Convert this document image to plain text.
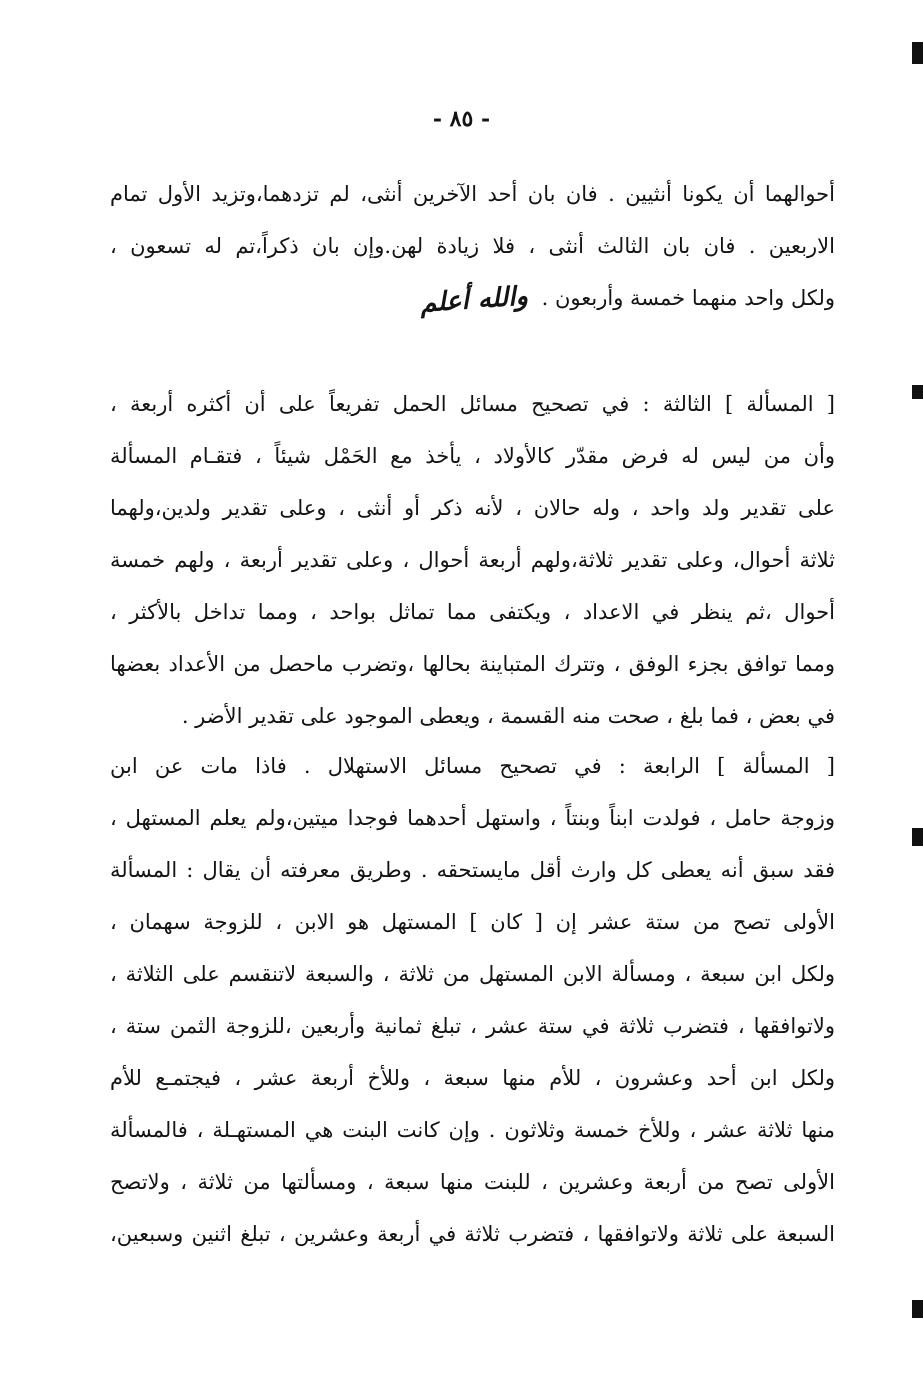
- ٨٥ -
أحوالهما أن يكونا أنثيين . فان بان أحد الآخرين أنثى، لم تزدهما،وتزيد الأول تمام
الاربعين . فان بان الثالث أنثى ، فلا زيادة لهن.وإن بان ذكراً،تم له تسعون ،
ولكل واحد منهما خمسة وأربعون .والله أعلم
[ المسألة ] الثالثة : في تصحيح مسائل الحمل تفريعاً على أن أكثره أربعة ،
وأن من ليس له فرض مقدّر كالأولاد ، يأخذ مع الحَمْل شيئاً ، فتقـام المسألة
على تقدير ولد واحد ، وله حالان ، لأنه ذكر أو أنثى ، وعلى تقدير ولدين،ولهما
ثلاثة أحوال، وعلى تقدير ثلاثة،ولهم أربعة أحوال ، وعلى تقدير أربعة ، ولهم خمسة
أحوال ،ثم ينظر في الاعداد ، ويكتفى مما تماثل بواحد ، ومما تداخل بالأكثر ،
ومما توافق بجزء الوفق ، وتترك المتباينة بحالها ،وتضرب ماحصل من الأعداد بعضها
في بعض ، فما بلغ ، صحت منه القسمة ، ويعطى الموجود على تقدير الأضر .
[ المسألة ] الرابعة : في تصحيح مسائل الاستهلال . فاذا مات عن ابن
وزوجة حامل ، فولدت ابناً وبنتاً ، واستهل أحدهما فوجدا ميتين،ولم يعلم المستهل ،
فقد سبق أنه يعطى كل وارث أقل مايستحقه . وطريق معرفته أن يقال : المسألة
الأولى تصح من ستة عشر إن [ كان ] المستهل هو الابن ، للزوجة سهمان ،
ولكل ابن سبعة ، ومسألة الابن المستهل من ثلاثة ، والسبعة لاتنقسم على الثلاثة ،
ولاتوافقها ، فتضرب ثلاثة في ستة عشر ، تبلغ ثمانية وأربعين ،للزوجة الثمن ستة ،
ولكل ابن أحد وعشرون ، للأم منها سبعة ، وللأخ أربعة عشر ، فيجتمـع للأم
منها ثلاثة عشر ، وللأخ خمسة وثلاثون . وإن كانت البنت هي المستهـلة ، فالمسألة
الأولى تصح من أربعة وعشرين ، للبنت منها سبعة ، ومسألتها من ثلاثة ، ولاتصح
السبعة على ثلاثة ولاتوافقها ، فتضرب ثلاثة في أربعة وعشرين ، تبلغ اثنين وسبعين،
